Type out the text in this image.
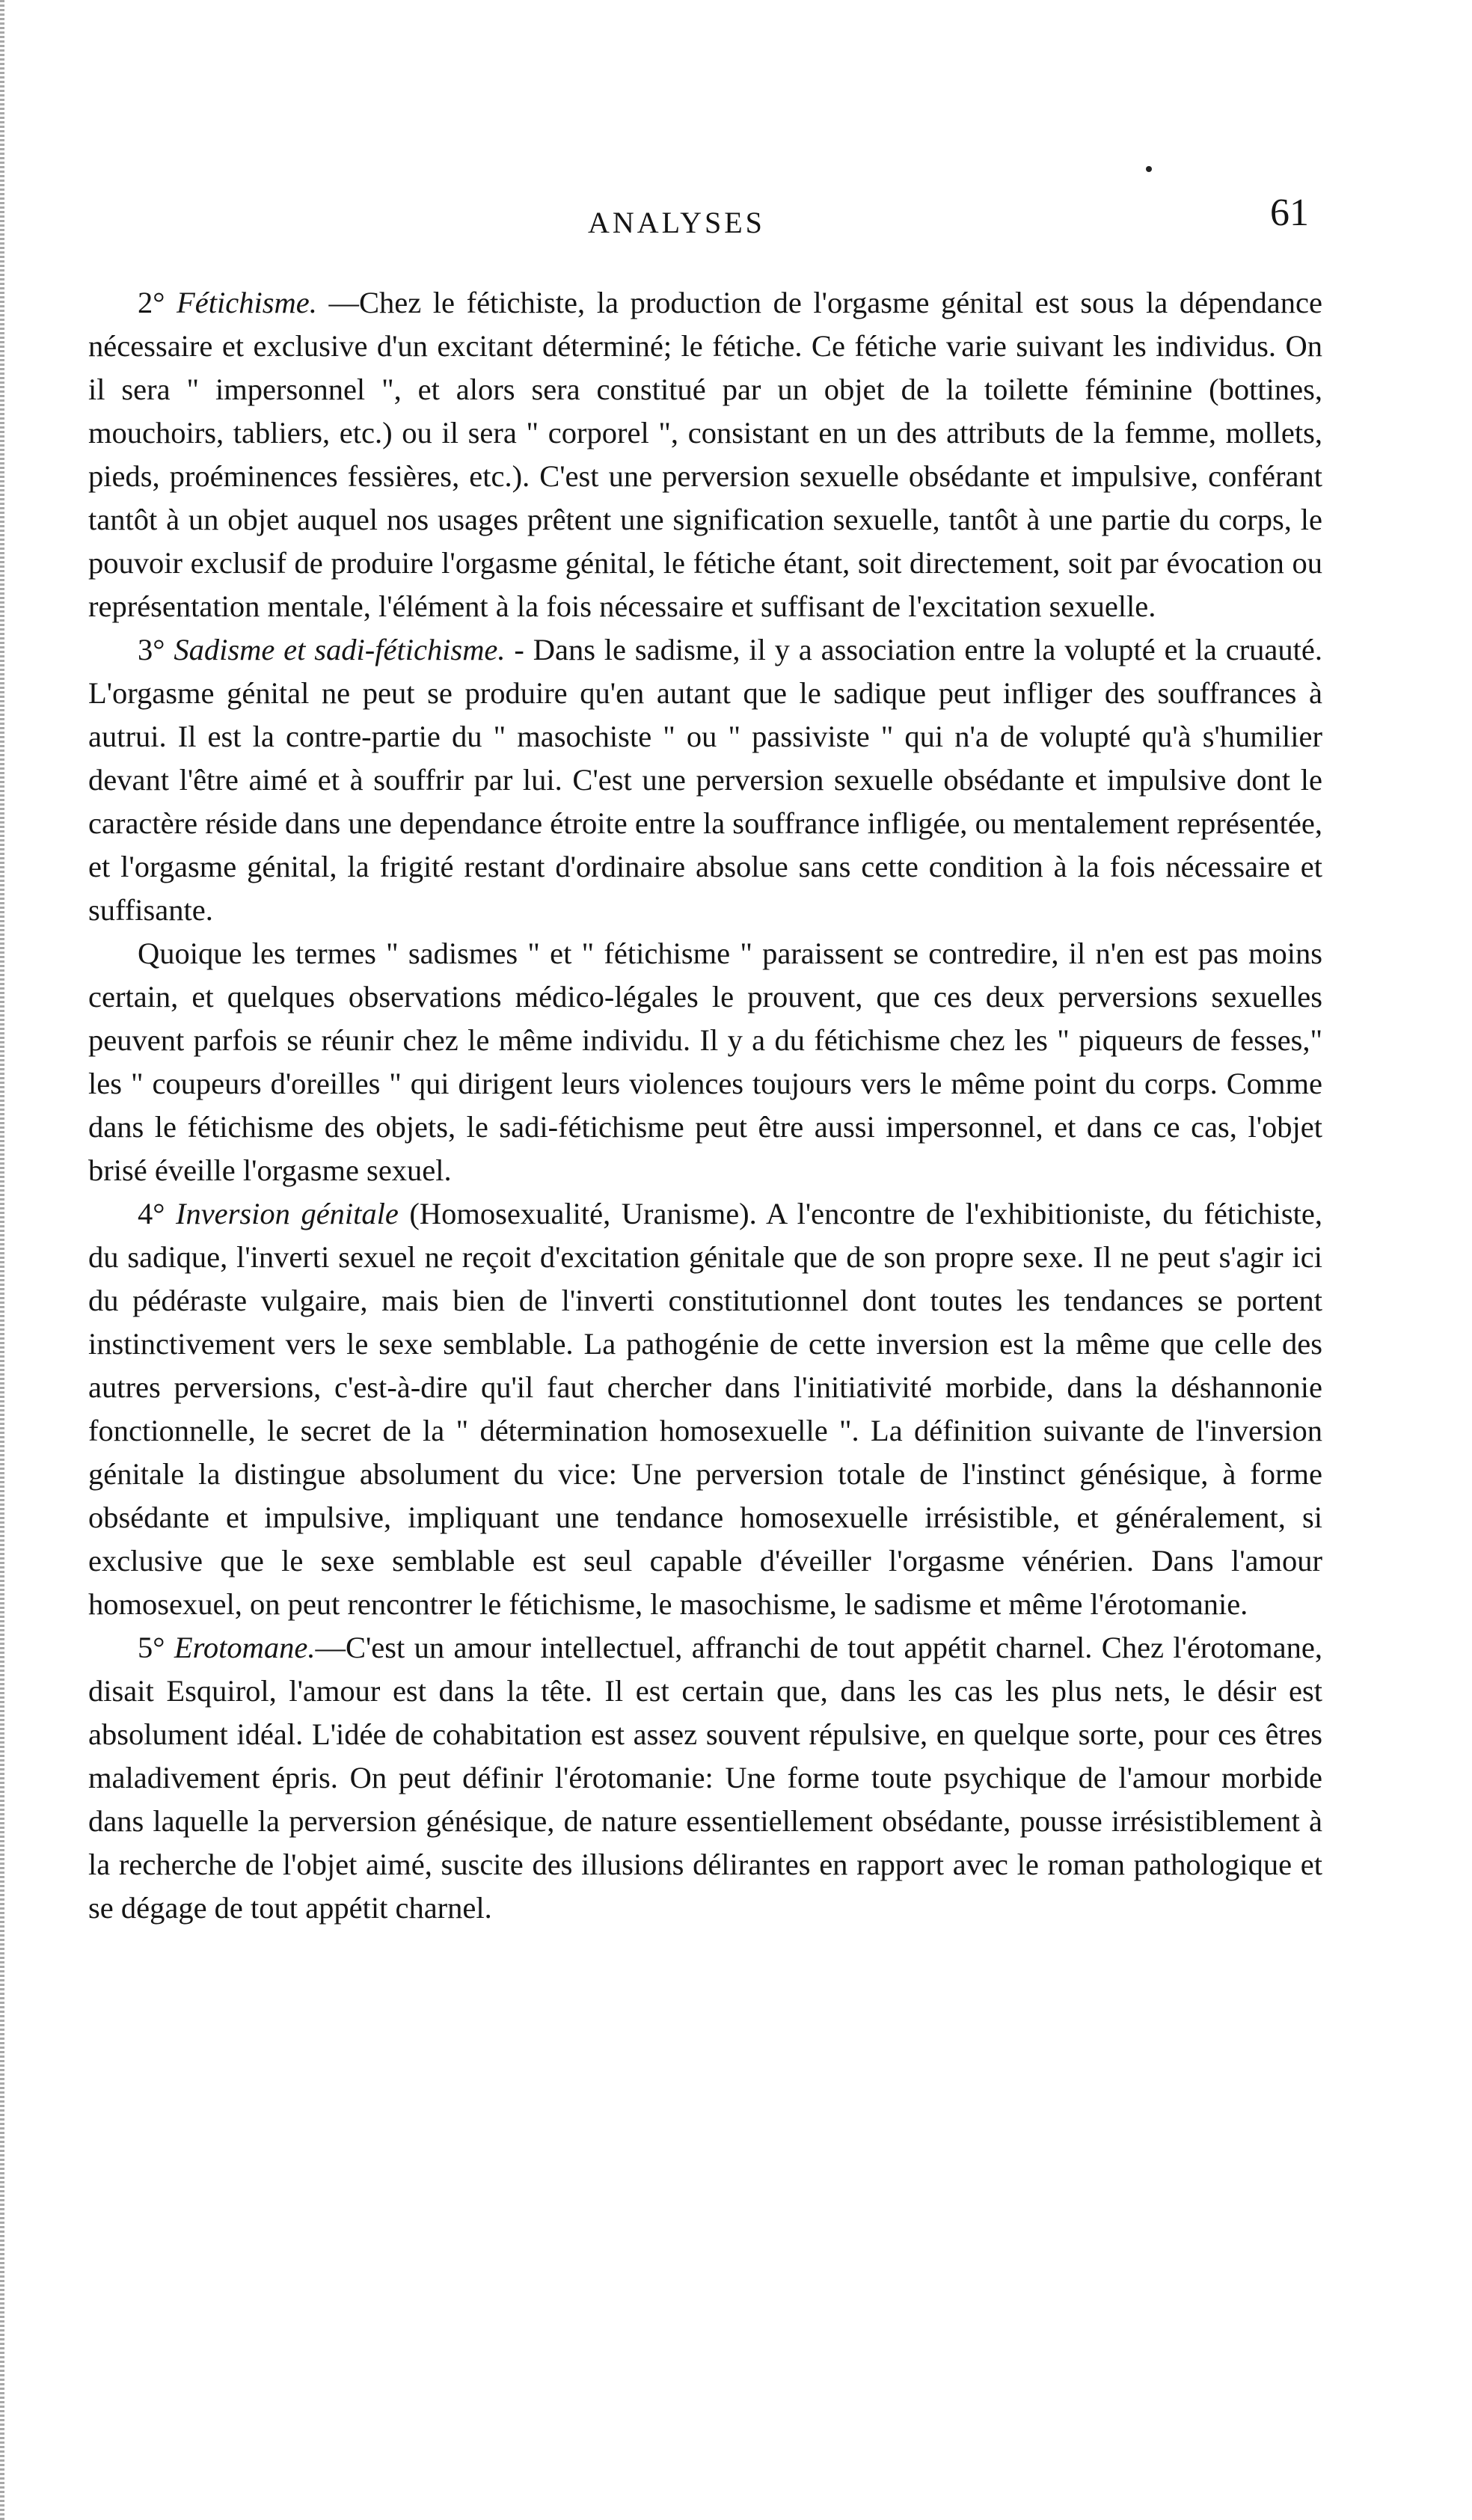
ANALYSES	61

2° Fétichisme. —Chez le fétichiste, la production de l'orgasme génital est sous la dépendance nécessaire et exclusive d'un excitant déterminé; le fétiche. Ce fétiche varie suivant les individus. On il sera " impersonnel ", et alors sera constitué par un objet de la toilette féminine (bottines, mouchoirs, tabliers, etc.) ou il sera " corporel ", consistant en un des attributs de la femme, mollets, pieds, proéminences fessières, etc.). C'est une perversion sexuelle obsédante et impulsive, conférant tantôt à un objet auquel nos usages prêtent une signification sexuelle, tantôt à une partie du corps, le pouvoir exclusif de produire l'orgasme génital, le fétiche étant, soit directement, soit par évocation ou représentation mentale, l'élément à la fois nécessaire et suffisant de l'excitation sexuelle.

3° Sadisme et sadi-fétichisme. - Dans le sadisme, il y a association entre la volupté et la cruauté. L'orgasme génital ne peut se produire qu'en autant que le sadique peut infliger des souffrances à autrui. Il est la contre-partie du " masochiste " ou " passiviste " qui n'a de volupté qu'à s'humilier devant l'être aimé et à souffrir par lui. C'est une perversion sexuelle obsédante et impulsive dont le caractère réside dans une dependance étroite entre la souffrance infligée, ou mentalement représentée, et l'orgasme génital, la frigité restant d'ordinaire absolue sans cette condition à la fois nécessaire et suffisante.

Quoique les termes " sadismes " et " fétichisme " paraissent se contredire, il n'en est pas moins certain, et quelques observations médico-légales le prouvent, que ces deux perversions sexuelles peuvent parfois se réunir chez le même individu. Il y a du fétichisme chez les " piqueurs de fesses," les " coupeurs d'oreilles " qui dirigent leurs violences toujours vers le même point du corps. Comme dans le fétichisme des objets, le sadi-fétichisme peut être aussi impersonnel, et dans ce cas, l'objet brisé éveille l'orgasme sexuel.

4° Inversion génitale (Homosexualité, Uranisme). A l'encontre de l'exhibitioniste, du fétichiste, du sadique, l'inverti sexuel ne reçoit d'excitation génitale que de son propre sexe. Il ne peut s'agir ici du pédéraste vulgaire, mais bien de l'inverti constitutionnel dont toutes les tendances se portent instinctivement vers le sexe semblable. La pathogénie de cette inversion est la même que celle des autres perversions, c'est-à-dire qu'il faut chercher dans l'initiativité morbide, dans la déshannonie fonctionnelle, le secret de la " détermination homosexuelle ". La définition suivante de l'inversion génitale la distingue absolument du vice: Une perversion totale de l'instinct génésique, à forme obsédante et impulsive, impliquant une tendance homosexuelle irrésistible, et généralement, si exclusive que le sexe semblable est seul capable d'éveiller l'orgasme vénérien. Dans l'amour homosexuel, on peut rencontrer le fétichisme, le masochisme, le sadisme et même l'érotomanie.

5° Erotomane.—C'est un amour intellectuel, affranchi de tout appétit charnel. Chez l'érotomane, disait Esquirol, l'amour est dans la tête. Il est certain que, dans les cas les plus nets, le désir est absolument idéal. L'idée de cohabitation est assez souvent répulsive, en quelque sorte, pour ces êtres maladivement épris. On peut définir l'érotomanie: Une forme toute psychique de l'amour morbide dans laquelle la perversion génésique, de nature essentiellement obsédante, pousse irrésistiblement à la recherche de l'objet aimé, suscite des illusions délirantes en rapport avec le roman pathologique et se dégage de tout appétit charnel.
